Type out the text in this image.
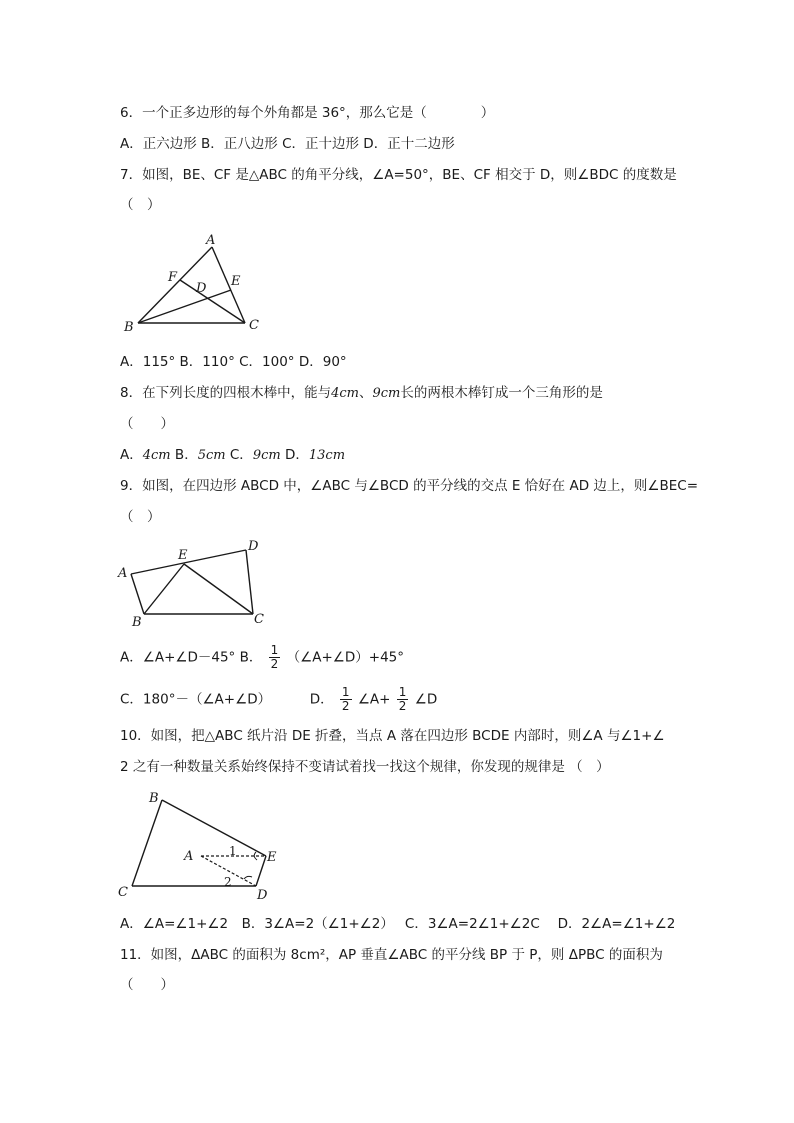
6．一个正多边形的每个外角都是 36°，那么它是（　　　　）
A．正六边形 B．正八边形 C．正十边形 D．正十二边形
7．如图，BE、CF 是△ABC 的角平分线，∠A=50°，BE、CF 相交于 D，则∠BDC 的度数是
（　）
A
B	C
D E
F
A．115° B．110° C．100° D．90°
8．在下列长度的四根木棒中，能与4cm、9cm长的两根木棒钉成一个三角形的是
（　　）
A．4cm B．5cm C．9cm D．13cm
9．如图，在四边形 ABCD 中，∠ABC 与∠BCD 的平分线的交点 E 恰好在 AD 边上，则∠BEC=
（　）
A
B	C
D
E
A．∠A+∠D－45° B． $\frac{1}{2}$ （∠A+∠D）+45°
C．180°－（∠A+∠D）	D． $\frac{1}{2}$ ∠A+ $\frac{1}{2}$ ∠D
10．如图，把△ABC 纸片沿 DE 折叠，当点 A 落在四边形 BCDE 内部时，则∠A 与∠1+∠
2 之有一种数量关系始终保持不变请试着找一找这个规律，你发现的规律是 （　）
A
B
C	D
E
1
2
A．∠A=∠1+∠2　B．3∠A=2（∠1+∠2）　 C．3∠A=2∠1+∠2C　 D．2∠A=∠1+∠2
11．如图，ΔABC 的面积为 8cm²，AP 垂直∠ABC 的平分线 BP 于 P，则 ΔPBC 的面积为
（　　）
